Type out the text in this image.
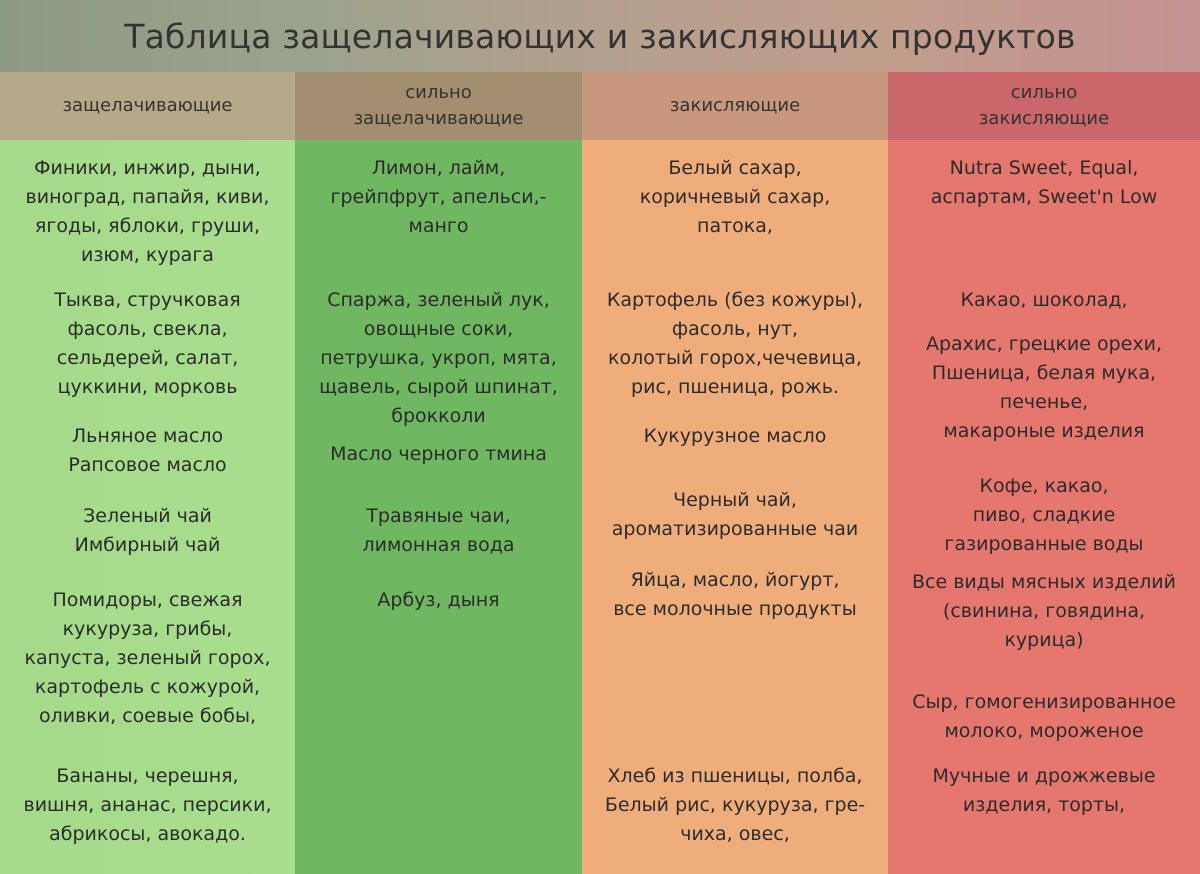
Таблица защелачивающих и закисляющих продуктов
защелачивающие
Финики, инжир, дыни,
виноград, папайя, киви,
ягоды, яблоки, груши,
изюм, курага
Тыква, стручковая
фасоль, свекла,
сельдерей, салат,
цуккини, морковь
Льняное масло
Рапсовое масло
Зеленый чай
Имбирный чай
Помидоры, свежая
кукуруза, грибы,
капуста, зеленый горох,
картофель с кожурой,
оливки, соевые бобы,
Бананы, черешня,
вишня, ананас, персики,
абрикосы, авокадо.
сильно
защелачивающие
Лимон, лайм,
грейпфрут, апельси,-
манго
Спаржа, зеленый лук,
овощные соки,
петрушка, укроп, мята,
щавель, сырой шпинат,
брокколи
Масло черного тмина
Травяные чаи,
лимонная вода
Арбуз, дыня
закисляющие
Белый сахар,
коричневый сахар,
патока,
Картофель (без кожуры),
фасоль, нут,
колотый горох,чечевица,
рис, пшеница, рожь.
Кукурузное масло
Черный чай,
ароматизированные чаи
Яйца, масло, йогурт,
все молочные продукты
Хлеб из пшеницы, полба,
Белый рис, кукуруза, гре-
чиха, овес,
сильно
закисляющие
Nutra Sweet, Equal,
аспартам, Sweet'n Low
Какао, шоколад,
Арахис, грецкие орехи,
Пшеница, белая мука,
печенье,
макароные изделия
Кофе, какао,
пиво, сладкие
газированные воды
Все виды мясных изделий
(свинина, говядина,
курица)
Сыр, гомогенизированное
молоко, мороженое
Мучные и дрожжевые
изделия, торты,
